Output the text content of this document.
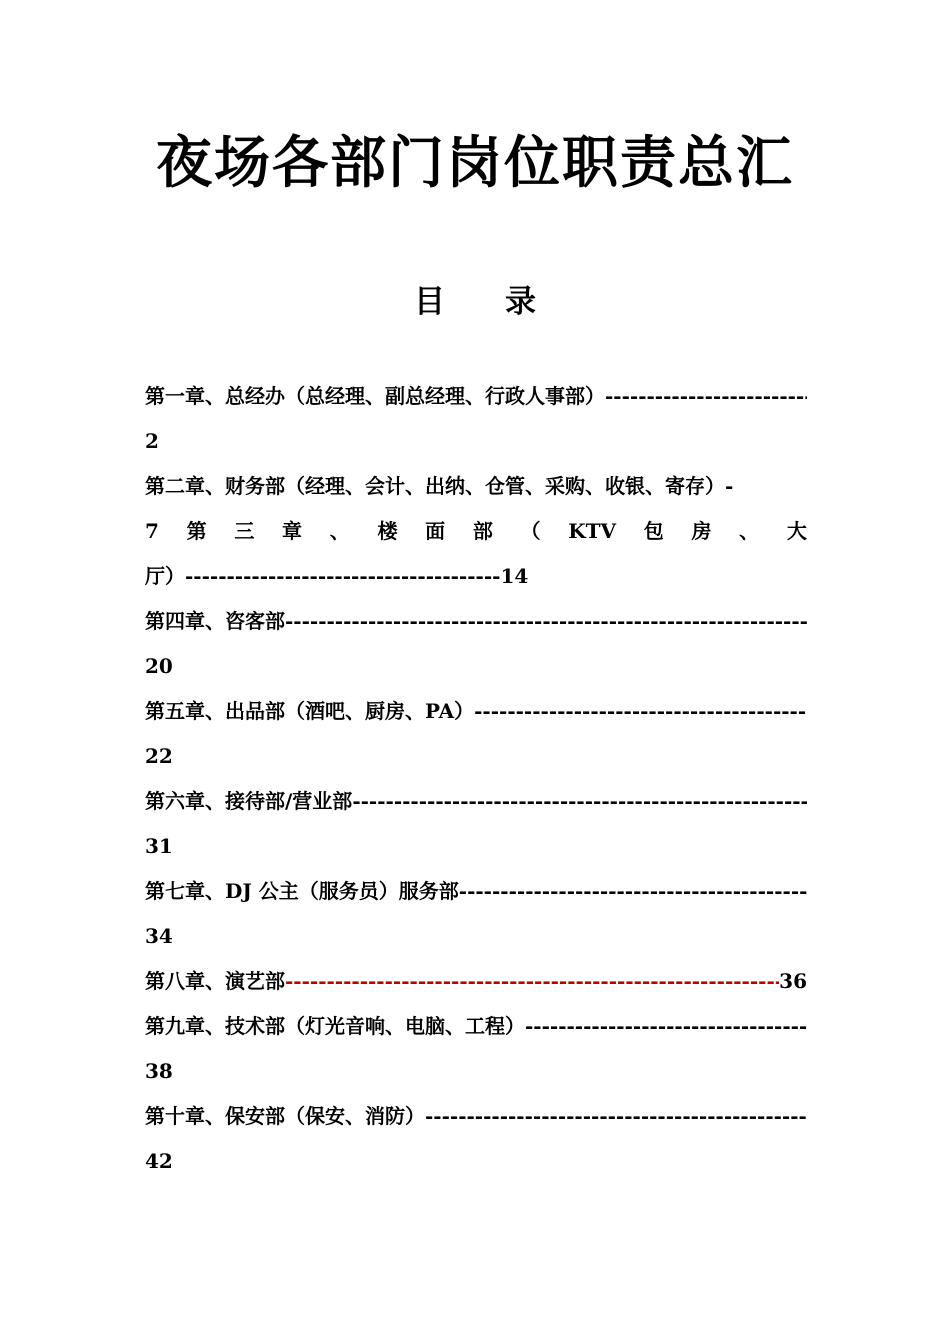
夜场各部门岗位职责总汇
目 录
第一章、总经办（总经理、副总经理、行政人事部）
-----
2
第二章、财务部（经理、会计、出纳、仓管、采购、收银、寄存）-
7 第 三 章 、 楼 面 部 （ KTV 包 房 、 大
厅） -------------------------------------- 14
第四章、咨客部
-----
20
第五章、出品部（酒吧、厨房、PA）
-----
22
第六章、接待部/营业部
-----
31
第七章、DJ 公主（服务员）服务部
-----
34
第八章、演艺部
-----	36
第九章、技术部（灯光音响、电脑、工程）
-----
38
第十章、保安部（保安、消防）
-----
42
